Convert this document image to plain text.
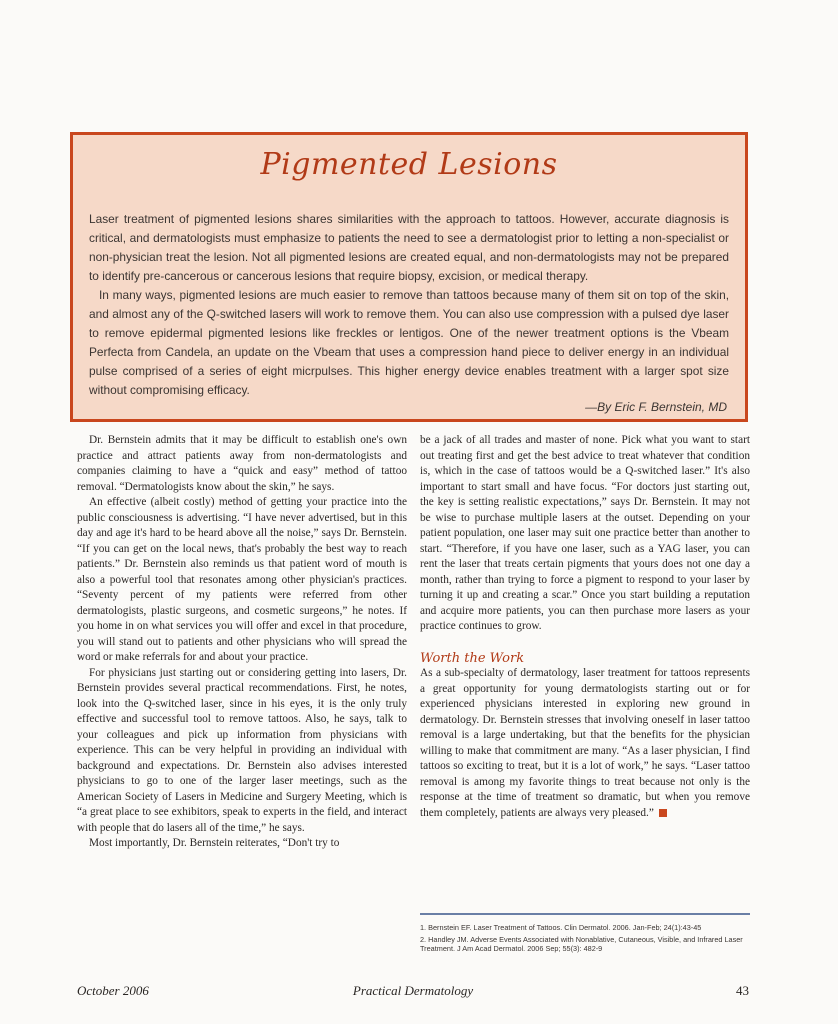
Pigmented Lesions

Laser treatment of pigmented lesions shares similarities with the approach to tattoos. However, accurate diagnosis is critical, and dermatologists must emphasize to patients the need to see a dermatologist prior to letting a non-specialist or non-physician treat the lesion. Not all pigmented lesions are created equal, and non-dermatologists may not be prepared to identify pre-cancerous or cancerous lesions that require biopsy, excision, or medical therapy.

In many ways, pigmented lesions are much easier to remove than tattoos because many of them sit on top of the skin, and almost any of the Q-switched lasers will work to remove them. You can also use compression with a pulsed dye laser to remove epidermal pigmented lesions like freckles or lentigos. One of the newer treatment options is the Vbeam Perfecta from Candela, an update on the Vbeam that uses a compression hand piece to deliver energy in an individual pulse comprised of a series of eight micrpulses. This higher energy device enables treatment with a larger spot size without compromising efficacy.

—By Eric F. Bernstein, MD

Dr. Bernstein admits that it may be difficult to establish one's own practice and attract patients away from non-dermatologists and companies claiming to have a “quick and easy” method of tattoo removal. “Dermatologists know about the skin,” he says.

An effective (albeit costly) method of getting your practice into the public consciousness is advertising. “I have never advertised, but in this day and age it's hard to be heard above all the noise,” says Dr. Bernstein. “If you can get on the local news, that's probably the best way to reach patients.” Dr. Bernstein also reminds us that patient word of mouth is also a powerful tool that resonates among other physician's practices. “Seventy percent of my patients were referred from other dermatologists, plastic surgeons, and cosmetic surgeons,” he notes. If you home in on what services you will offer and excel in that procedure, you will stand out to patients and other physicians who will spread the word or make referrals for and about your practice.

For physicians just starting out or considering getting into lasers, Dr. Bernstein provides several practical recommendations. First, he notes, look into the Q-switched laser, since in his eyes, it is the only truly effective and successful tool to remove tattoos. Also, he says, talk to your colleagues and pick up information from physicians with experience. This can be very helpful in providing an individual with background and expectations. Dr. Bernstein also advises interested physicians to go to one of the larger laser meetings, such as the American Society of Lasers in Medicine and Surgery Meeting, which is “a great place to see exhibitors, speak to experts in the field, and interact with people that do lasers all of the time,” he says.

Most importantly, Dr. Bernstein reiterates, “Don't try to

be a jack of all trades and master of none. Pick what you want to start out treating first and get the best advice to treat whatever that condition is, which in the case of tattoos would be a Q-switched laser.” It's also important to start small and have focus. “For doctors just starting out, the key is setting realistic expectations,” says Dr. Bernstein. It may not be wise to purchase multiple lasers at the outset. Depending on your patient population, one laser may suit one practice better than another to start. “Therefore, if you have one laser, such as a YAG laser, you can rent the laser that treats certain pigments that yours does not one day a month, rather than trying to force a pigment to respond to your laser by turning it up and creating a scar.” Once you start building a reputation and acquire more patients, you can then purchase more lasers as your practice continues to grow.

Worth the Work

As a sub-specialty of dermatology, laser treatment for tattoos represents a great opportunity for young dermatologists starting out or for experienced physicians interested in exploring new ground in dermatology. Dr. Bernstein stresses that involving oneself in laser tattoo removal is a large undertaking, but that the benefits for the physician willing to make that commitment are many. “As a laser physician, I find tattoos so exciting to treat, but it is a lot of work,” he says. “Laser tattoo removal is among my favorite things to treat because not only is the response at the time of treatment so dramatic, but when you remove them completely, patients are always very pleased.”

1. Bernstein EF. Laser Treatment of Tattoos. Clin Dermatol. 2006. Jan-Feb; 24(1):43-45
2. Handley JM. Adverse Events Associated with Nonablative, Cutaneous, Visible, and Infrared Laser Treatment. J Am Acad Dermatol. 2006 Sep; 55(3): 482-9
October 2006	Practical Dermatology	43
